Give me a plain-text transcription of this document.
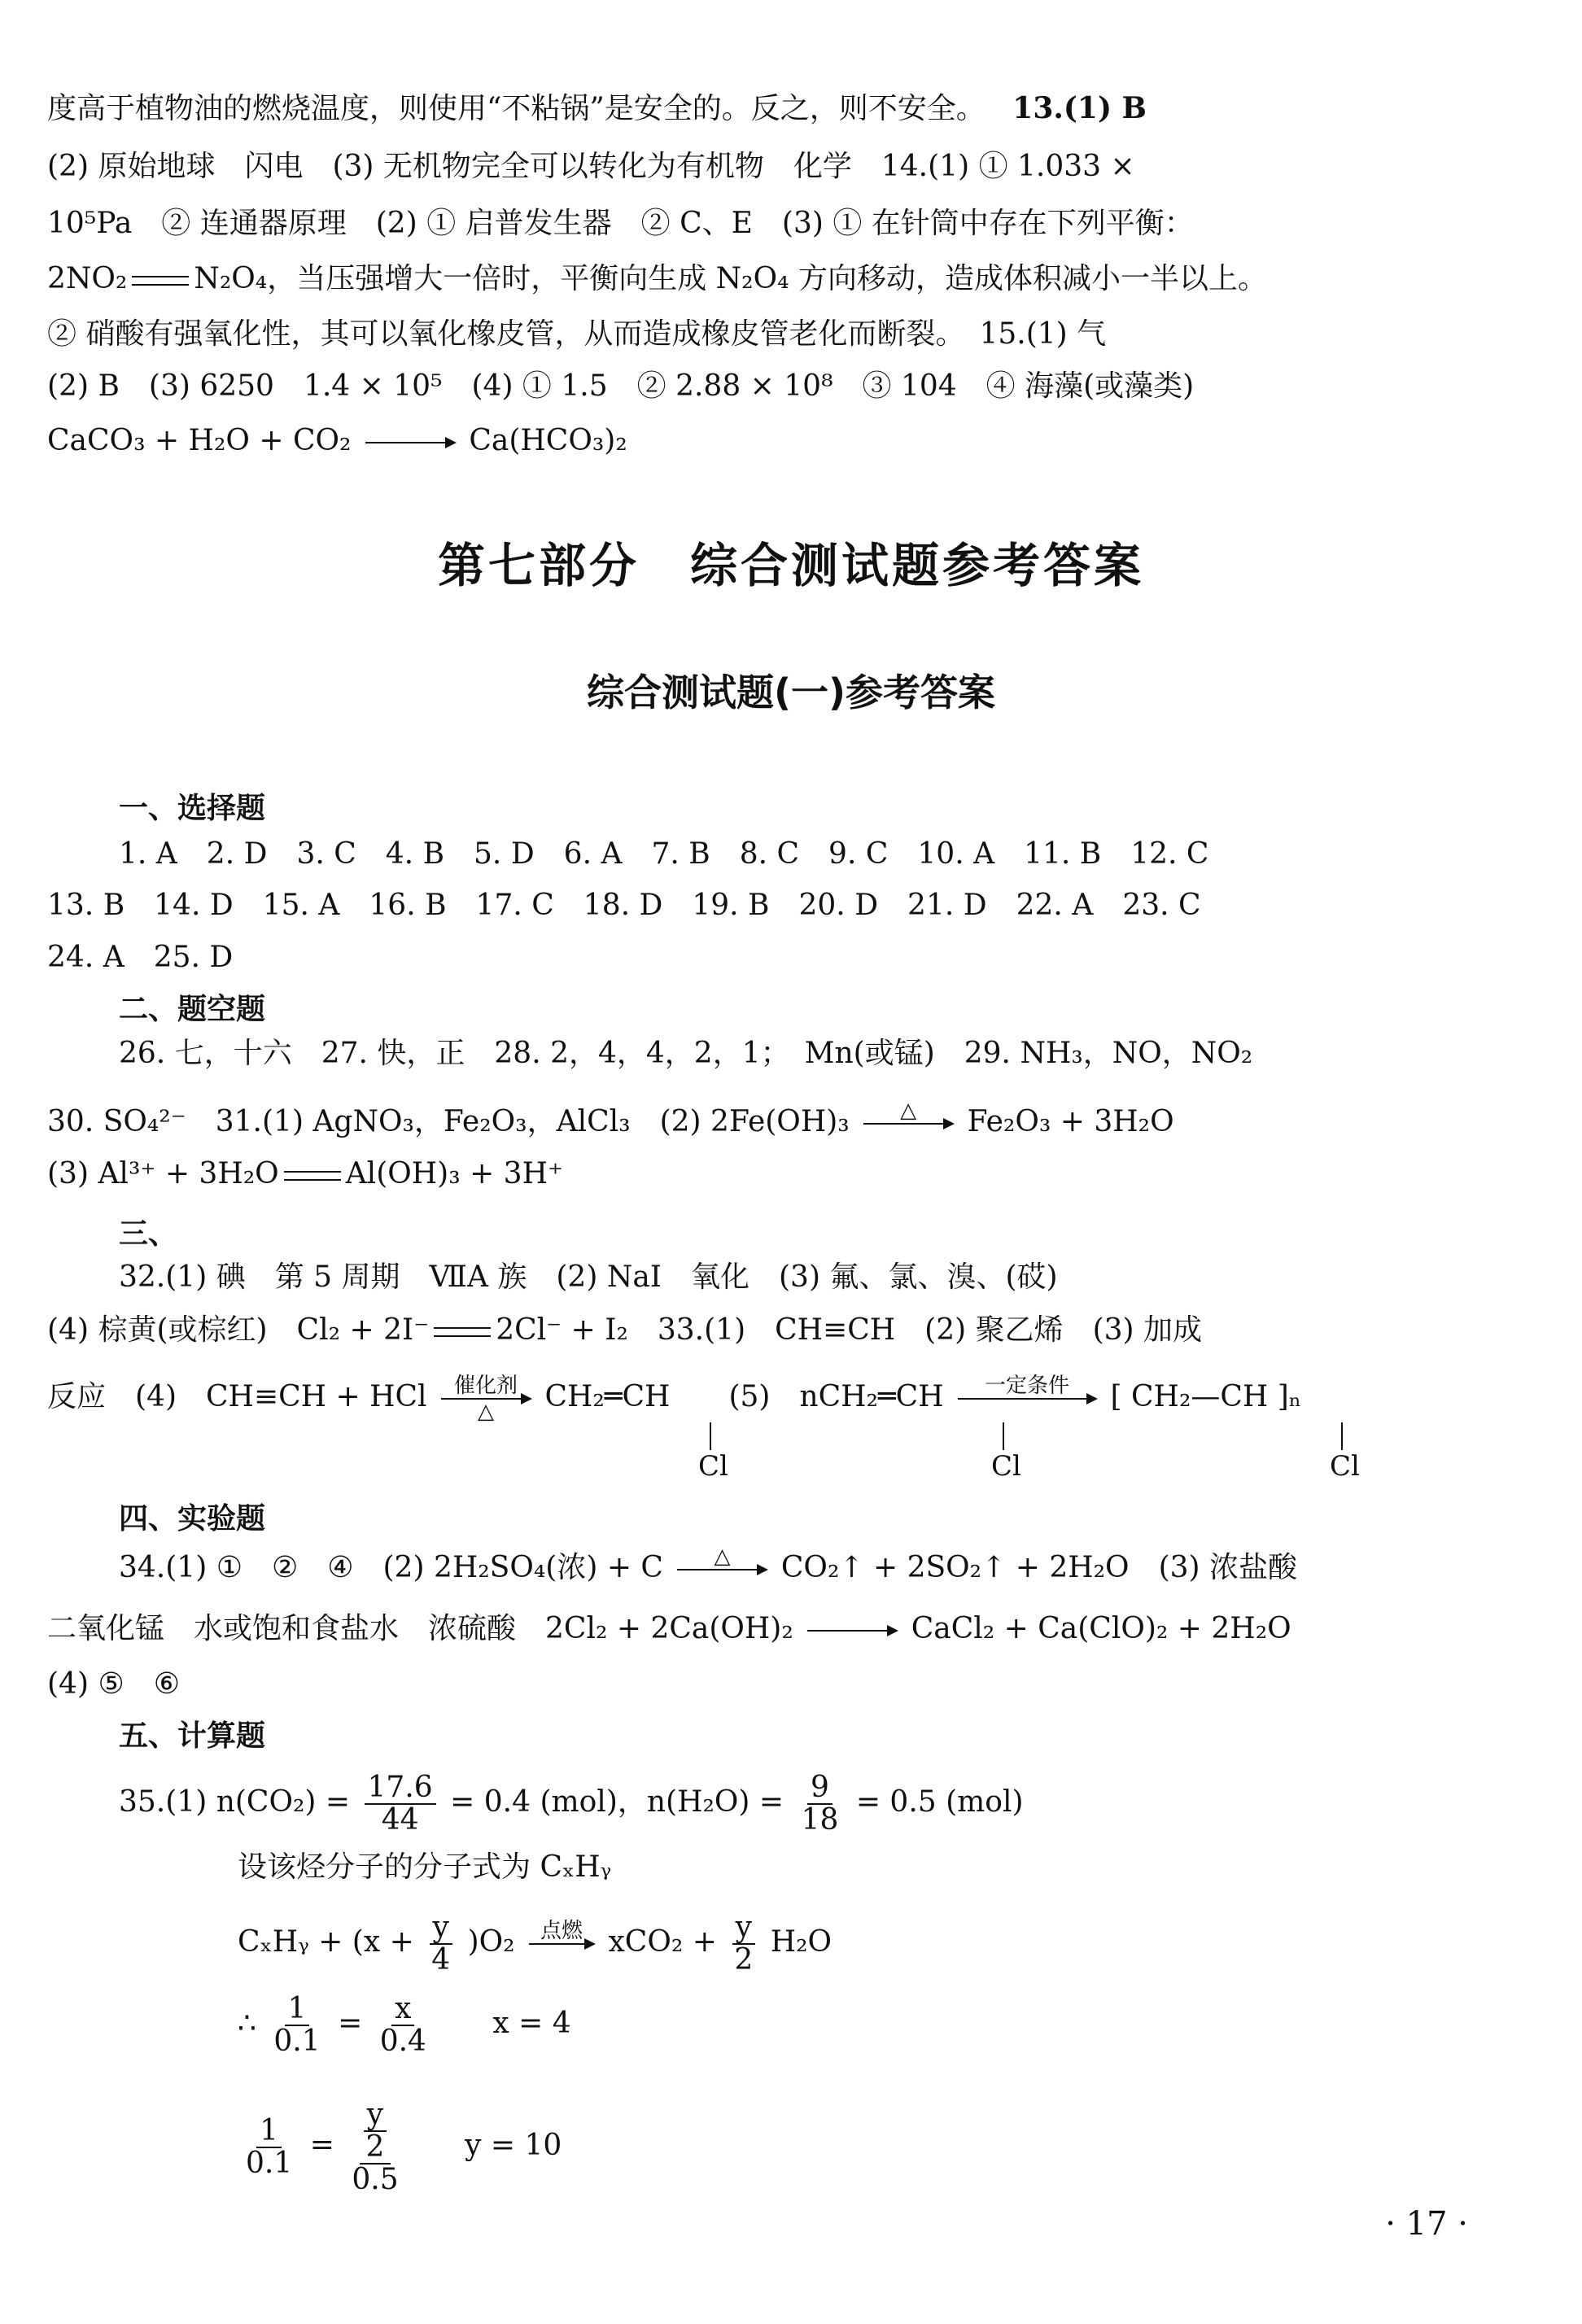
度高于植物油的燃烧温度，则使用“不粘锅”是安全的。反之，则不安全。 13.(1) B
(2) 原始地球　闪电　(3) 无机物完全可以转化为有机物　化学　14.(1) ① 1.033 ×
10⁵Pa　② 连通器原理　(2) ① 启普发生器　② C、E　(3) ① 在针筒中存在下列平衡：
2NO₂ N₂O₄，当压强增大一倍时，平衡向生成 N₂O₄ 方向移动，造成体积减小一半以上。
② 硝酸有强氧化性，其可以氧化橡皮管，从而造成橡皮管老化而断裂。　15.(1) 气
(2) B　(3) 6250　1.4 × 10⁵　(4) ① 1.5　② 2.88 × 10⁸　③ 104　④ 海藻(或藻类)
CaCO₃ + H₂O + CO₂

→ Ca(HCO₃)₂
第七部分　综合测试题参考答案
综合测试题(一)参考答案
一、选择题
1. A　2. D　3. C　4. B　5. D　6. A　7. B　8. C　9. C　10. A　11. B　12. C
13. B　14. D　15. A　16. B　17. C　18. D　19. B　20. D　21. D　22. A　23. C
24. A　25. D
二、题空题
26. 七，十六　27. 快，正　28. 2，4，4，2，1；　Mn(或锰)　29. NH₃，NO，NO₂
30. SO₄²⁻　31.(1) AgNO₃，Fe₂O₃，AlCl₃　(2) 2Fe(OH)₃ △
Fe₂O₃ + 3H₂O
(3) Al³⁺ + 3H₂O Al(OH)₃ + 3H⁺
三、
32.(1) 碘　第 5 周期　ⅦA 族　(2) NaI　氧化　(3) 氟、氯、溴、(砹)
(4) 棕黄(或棕红)　Cl₂ + 2I⁻ 2Cl⁻ + I₂　33.(1)　CH≡CH　(2) 聚乙烯　(3) 加成
反应　(4)　CH≡CH + HCl 催化剂
△ CH₂═CH　　(5)　nCH₂═CH 一定条件
[ CH₂—CH ]ₙ
Cl	Cl	Cl
四、实验题
34.(1) ①　②　④　(2) 2H₂SO₄(浓) + C △
CO₂↑ + 2SO₂↑ + 2H₂O　(3) 浓盐酸
二氧化锰　水或饱和食盐水　浓硫酸　2Cl₂ + 2Ca(OH)₂

→ CaCl₂ + Ca(ClO)₂ + 2H₂O
(4) ⑤　⑥
五、计算题
35.(1) $n(CO_2) = \frac{17.6}{44} = 0.4$ (mol)，$n(H_2O) = \frac{9}{18} = 0.5$ (mol)
设该烃分子的分子式为 CₓHᵧ
CₓHᵧ + $(x + \frac{y}{4} )O_2$ 点燃
$xCO_2 + \frac{y}{2} H_2O$
∴ $\frac{1}{0.1} = \frac{x}{0.4}$ x = 4
$\frac{1}{0.1} = \frac{\frac{y}{2}}{0.5}$ y = 10
· 17 ·
